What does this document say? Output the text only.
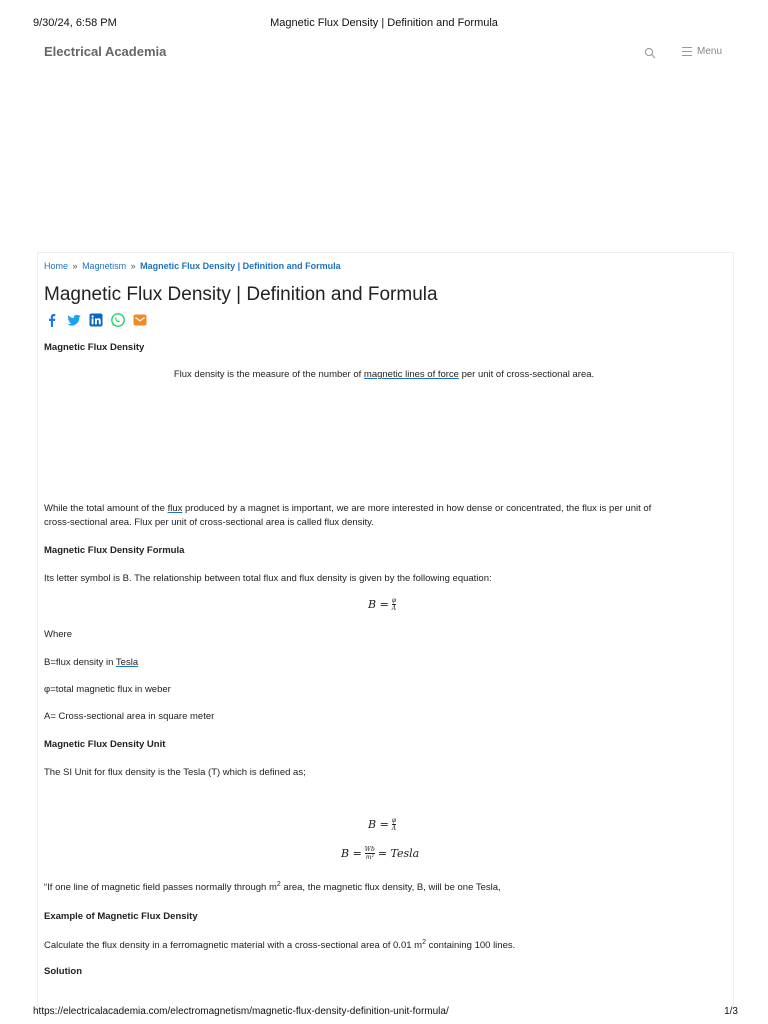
9/30/24, 6:58 PM	Magnetic Flux Density | Definition and Formula
Electrical Academia	Menu
Home » Magnetism » Magnetic Flux Density | Definition and Formula
Magnetic Flux Density | Definition and Formula
Magnetic Flux Density
Flux density is the measure of the number of magnetic lines of force per unit of cross-sectional area.
While the total amount of the flux produced by a magnet is important, we are more interested in how dense or concentrated, the flux is per unit of
cross-sectional area. Flux per unit of cross-sectional area is called flux density.
Magnetic Flux Density Formula
Its letter symbol is B. The relationship between total flux and flux density is given by the following equation:
$B = \frac{\varphi}{A}$
Where
B=flux density in Tesla
φ=total magnetic flux in weber
A= Cross-sectional area in square meter
Magnetic Flux Density Unit
The SI Unit for flux density is the Tesla (T) which is defined as;
$B = \frac{\varphi}{A}$
$B = \frac{Wb}{\text{m²}}$ = Tesla
“If one line of magnetic field passes normally through $m^2$ area, the magnetic flux density, B, will be one Tesla,
Example of Magnetic Flux Density
Calculate the flux density in a ferromagnetic material with a cross-sectional area of 0.01 $m^2$ containing 100 lines.
Solution
https://electricalacademia.com/electromagnetism/magnetic-flux-density-definition-unit-formula/	1/3
